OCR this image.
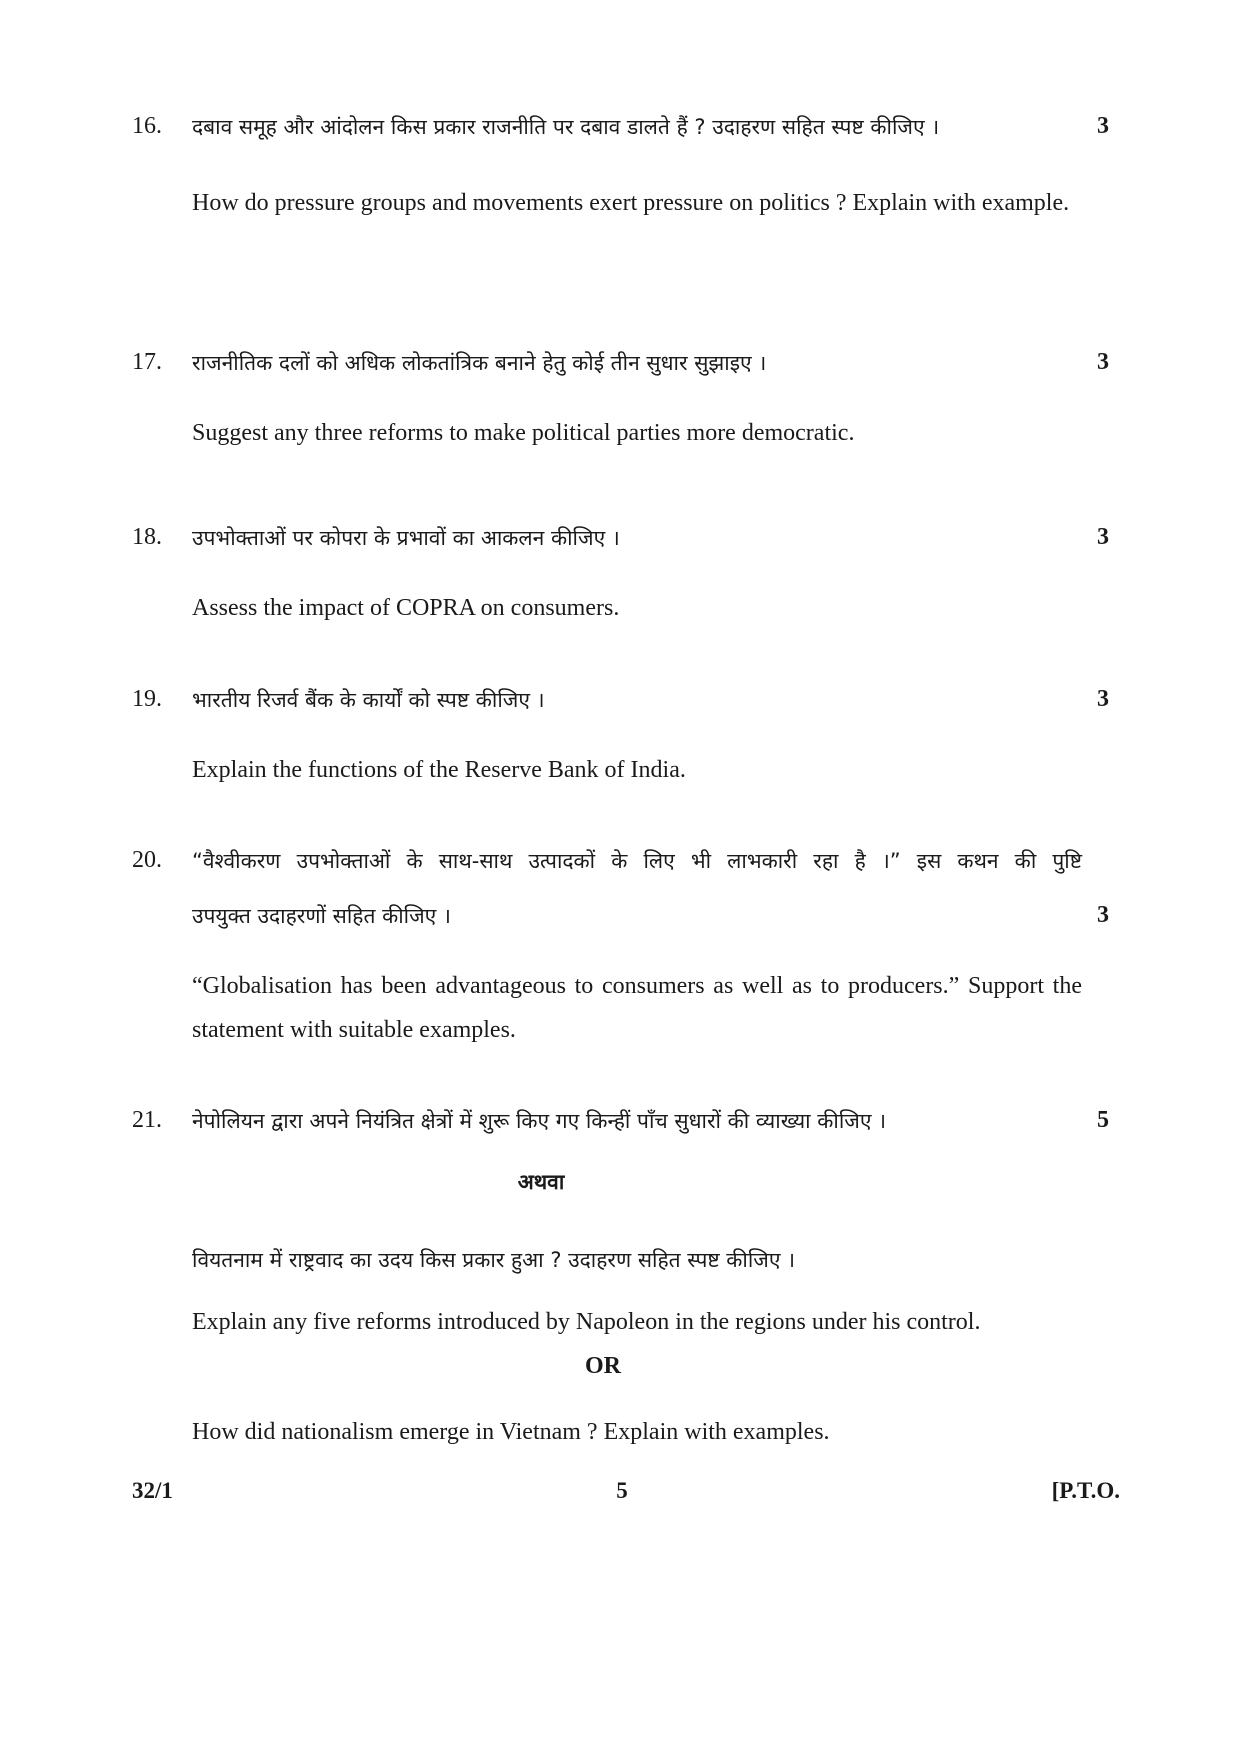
16. दबाव समूह और आंदोलन किस प्रकार राजनीति पर दबाव डालते हैं ? उदाहरण सहित स्पष्ट कीजिए ।	3
How do pressure groups and movements exert pressure on politics ? Explain with example.
17. राजनीतिक दलों को अधिक लोकतांत्रिक बनाने हेतु कोई तीन सुधार सुझाइए ।	3
Suggest any three reforms to make political parties more democratic.
18. उपभोक्ताओं पर कोपरा के प्रभावों का आकलन कीजिए ।	3
Assess the impact of COPRA on consumers.
19. भारतीय रिजर्व बैंक के कार्यों को स्पष्ट कीजिए ।	3
Explain the functions of the Reserve Bank of India.
20. “वैश्वीकरण उपभोक्ताओं के साथ-साथ उत्पादकों के लिए भी लाभकारी रहा है ।” इस कथन की पुष्टि
उपयुक्त उदाहरणों सहित कीजिए ।	3
“Globalisation has been advantageous to consumers as well as to producers.” Support the statement with suitable examples.
21. नेपोलियन द्वारा अपने नियंत्रित क्षेत्रों में शुरू किए गए किन्हीं पाँच सुधारों की व्याख्या कीजिए ।	5
अथवा
वियतनाम में राष्ट्रवाद का उदय किस प्रकार हुआ ? उदाहरण सहित स्पष्ट कीजिए ।
Explain any five reforms introduced by Napoleon in the regions under his control.
OR
How did nationalism emerge in Vietnam ? Explain with examples.
32/1	5	[P.T.O.
